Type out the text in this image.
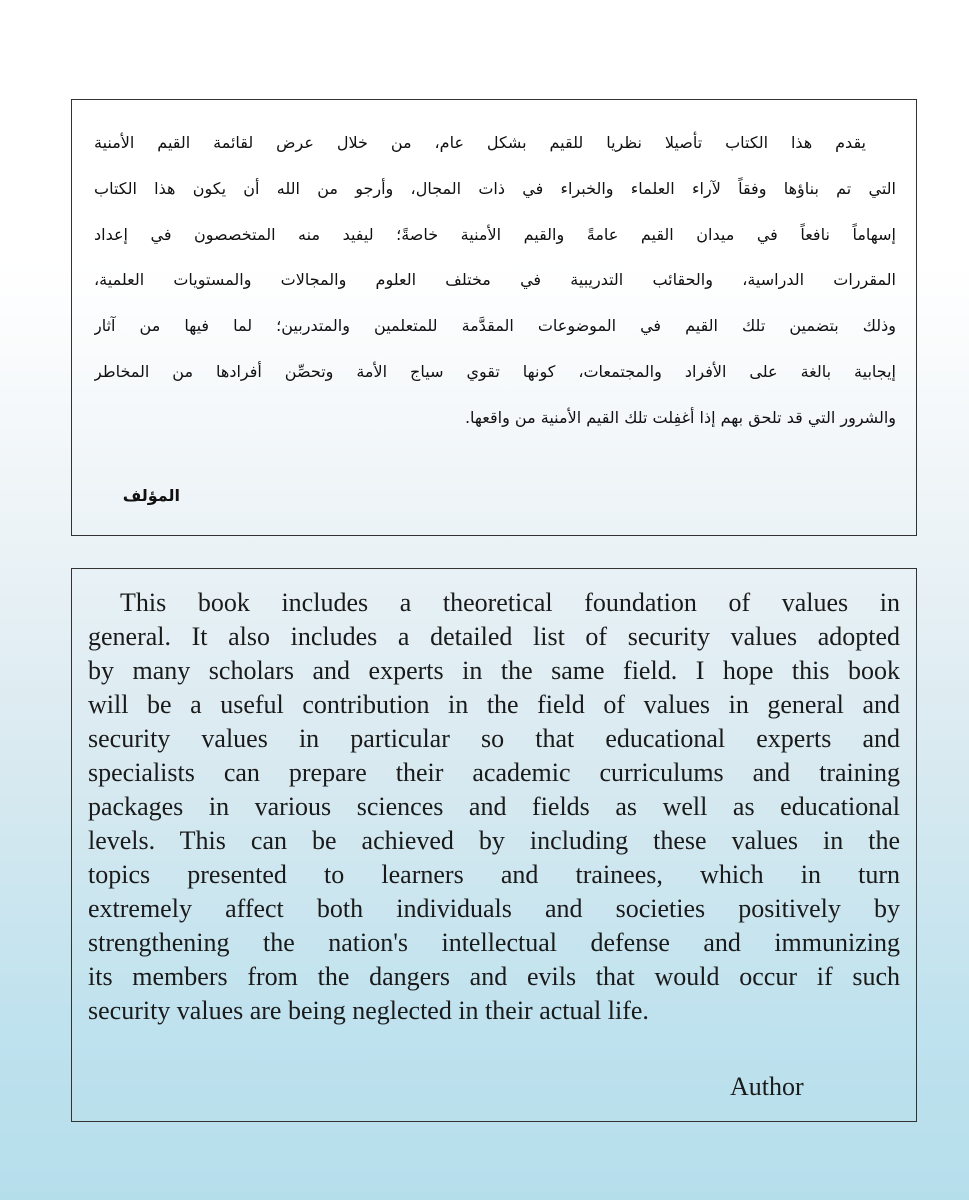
يقدم هذا الكتاب تأصيلا نظريا للقيم بشكل عام، من خلال عرض لقائمة القيم الأمنية
التي تم بناؤها وفقاً لآراء العلماء والخبراء في ذات المجال، وأرجو من الله أن يكون هذا الكتاب
إسهاماً نافعاً في ميدان القيم عامةً والقيم الأمنية خاصةً؛ ليفيد منه المتخصصون في إعداد
المقررات الدراسية، والحقائب التدريبية في مختلف العلوم والمجالات والمستويات العلمية،
وذلك بتضمين تلك القيم في الموضوعات المقدَّمة للمتعلمين والمتدربين؛ لما فيها من آثار
إيجابية بالغة على الأفراد والمجتمعات، كونها تقوي سياج الأمة وتحصِّن أفرادها من المخاطر
والشرور التي قد تلحق بهم إذا أغفِلت تلك القيم الأمنية من واقعها.
المؤلف
This book includes a theoretical foundation of values in
general. It also includes a detailed list of security values adopted
by many scholars and experts in the same field. I hope this book
will be a useful contribution in the field of values in general and
security values in particular so that educational experts and
specialists can prepare their academic curriculums and training
packages in various sciences and fields as well as educational
levels. This can be achieved by including these values in the
topics presented to learners and trainees, which in turn
extremely affect both individuals and societies positively by
strengthening the nation's intellectual defense and immunizing
its members from the dangers and evils that would occur if such
security values are being neglected in their actual life.
Author
